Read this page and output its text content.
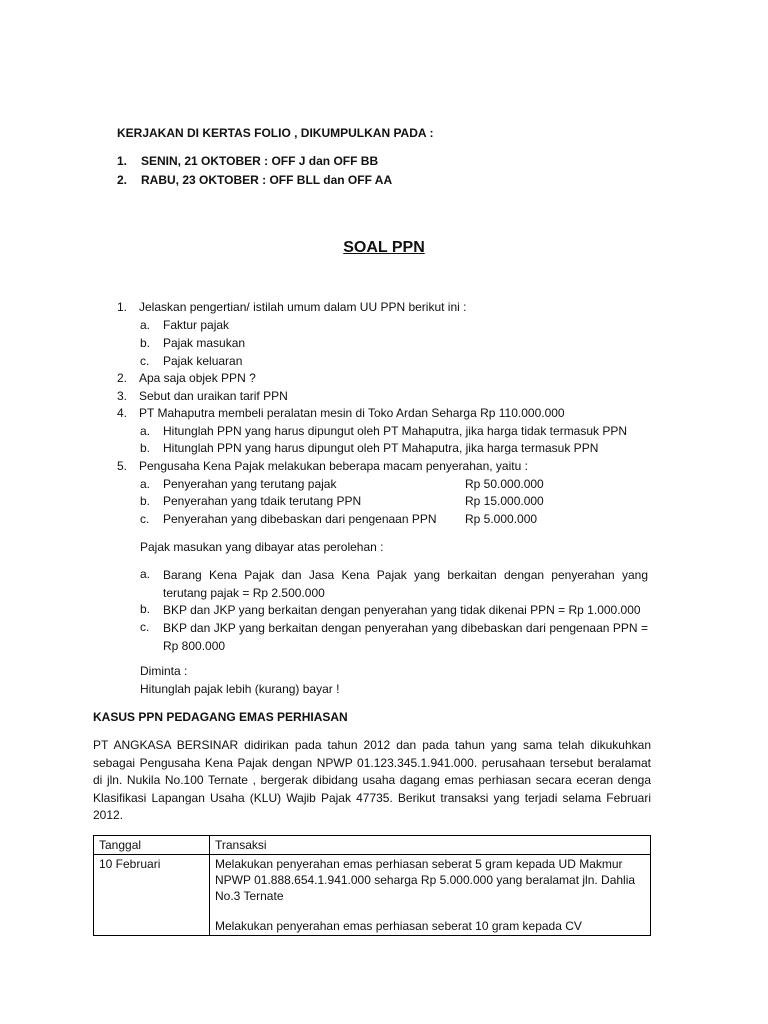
KERJAKAN DI KERTAS FOLIO , DIKUMPULKAN PADA :
1. SENIN, 21 OKTOBER : OFF J dan OFF BB
2. RABU, 23 OKTOBER : OFF BLL dan OFF AA
SOAL PPN
1. Jelaskan pengertian/ istilah umum dalam UU PPN berikut ini :
a. Faktur pajak
b. Pajak masukan
c. Pajak keluaran
2. Apa saja objek PPN ?
3. Sebut dan uraikan tarif PPN
4. PT Mahaputra membeli peralatan mesin di Toko Ardan Seharga Rp 110.000.000
a. Hitunglah PPN yang harus dipungut oleh PT Mahaputra, jika harga tidak termasuk PPN
b. Hitunglah PPN yang harus dipungut oleh PT Mahaputra, jika harga termasuk PPN
5. Pengusaha Kena Pajak melakukan beberapa macam penyerahan, yaitu :
a. Penyerahan yang terutang pajak	Rp 50.000.000
b. Penyerahan yang tdaik terutang PPN	Rp 15.000.000
c. Penyerahan yang dibebaskan dari pengenaan PPN Rp 5.000.000
Pajak masukan yang dibayar atas perolehan :
a. Barang Kena Pajak dan Jasa Kena Pajak yang berkaitan dengan penyerahan yang terutang pajak = Rp 2.500.000
b. BKP dan JKP yang berkaitan dengan penyerahan yang tidak dikenai PPN = Rp 1.000.000
c. BKP dan JKP yang berkaitan dengan penyerahan yang dibebaskan dari pengenaan PPN = Rp 800.000
Diminta :
Hitunglah pajak lebih (kurang) bayar !
KASUS PPN PEDAGANG EMAS PERHIASAN
PT ANGKASA BERSINAR didirikan pada tahun 2012 dan pada tahun yang sama telah dikukuhkan sebagai Pengusaha Kena Pajak dengan NPWP 01.123.345.1.941.000. perusahaan tersebut beralamat di jln. Nukila No.100 Ternate , bergerak dibidang usaha dagang emas perhiasan secara eceran denga Klasifikasi Lapangan Usaha (KLU) Wajib Pajak 47735. Berikut transaksi yang terjadi selama Februari 2012.
Tanggal	Transaksi
10 Februari	Melakukan penyerahan emas perhiasan seberat 5 gram kepada UD Makmur NPWP 01.888.654.1.941.000 seharga Rp 5.000.000 yang beralamat jln. Dahlia No.3 Ternate
Melakukan penyerahan emas perhiasan seberat 10 gram kepada CV
